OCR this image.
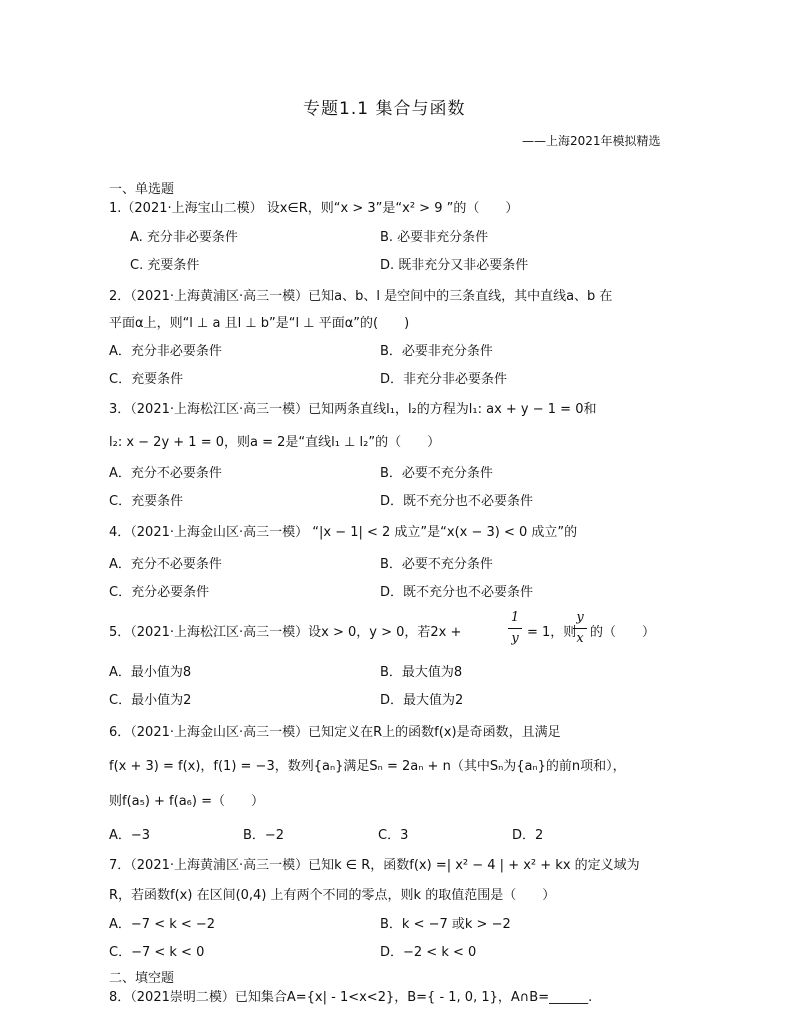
专题1.1 集合与函数
——上海2021年模拟精选
一、单选题
1.（2021·上海宝山二模） 设x∈R，则“x > 3”是“x² > 9 ”的（　　）
A. 充分非必要条件	B. 必要非充分条件
C. 充要条件	D. 既非充分又非必要条件
2．（2021·上海黄浦区·高三一模）已知a、b、l 是空间中的三条直线，其中直线a、b 在
平面α上，则“l ⊥ a 且l ⊥ b”是“l ⊥ 平面α”的(　　)
A．充分非必要条件	B．必要非充分条件
C．充要条件	D．非充分非必要条件
3．（2021·上海松江区·高三一模）已知两条直线l₁，l₂的方程为l₁: ax + y − 1 = 0和
l₂: x − 2y + 1 = 0，则a = 2是“直线l₁ ⊥ l₂”的（　　）
A．充分不必要条件	B．必要不充分条件
C．充要条件	D．既不充分也不必要条件
4．（2021·上海金山区·高三一模） “|x − 1| < 2 成立”是“x(x − 3) < 0 成立”的
A．充分不必要条件	B．必要不充分条件
C．充分必要条件	D．既不充分也不必要条件
5．（2021·上海松江区·高三一模）设x > 0，y > 0，若2x +
1
y = 1，则
y
x 的（　　）
A．最小值为8	B．最大值为8
C．最小值为2	D．最大值为2
6．（2021·上海金山区·高三一模）已知定义在R上的函数f(x)是奇函数，且满足
f(x + 3) = f(x)，f(1) = −3，数列{aₙ}满足Sₙ = 2aₙ + n（其中Sₙ为{aₙ}的前n项和），
则f(a₅) + f(a₆) =（　　）
A．−3	B．−2	C．3	D．2
7．（2021·上海黄浦区·高三一模）已知k ∈ R，函数f(x) =| x² − 4 | + x² + kx 的定义域为
R，若函数f(x) 在区间(0,4) 上有两个不同的零点，则k 的取值范围是（　　）
A．−7 < k < −2	B．k < −7 或k > −2
C．−7 < k < 0	D．−2 < k < 0
二、填空题
8．（2021崇明二模）已知集合A={x| - 1<x<2}，B={ - 1, 0, 1}，A∩B=______.
